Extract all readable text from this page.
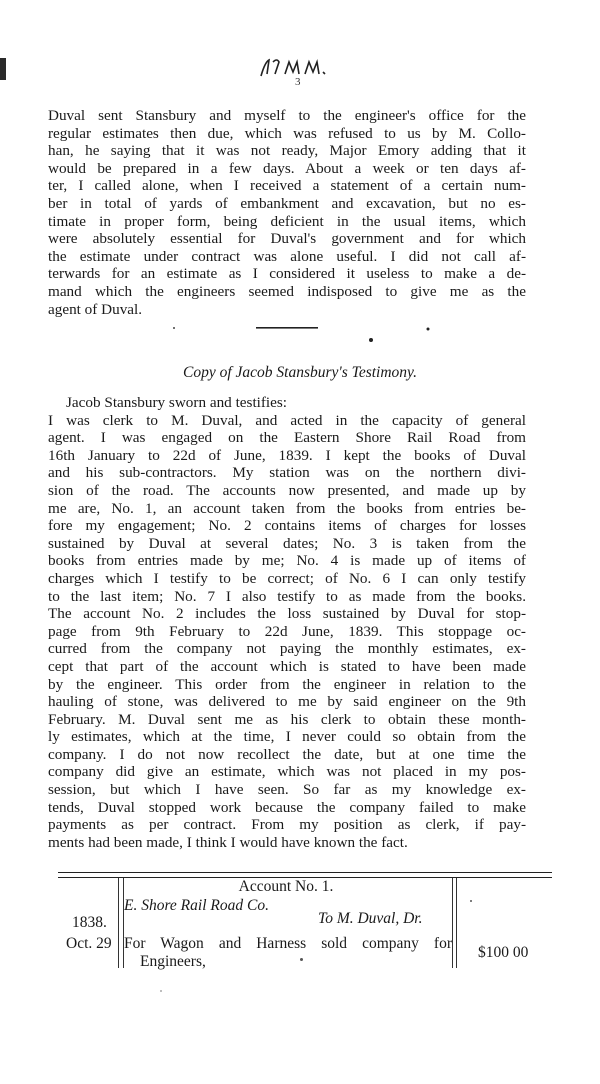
3
Duval sent Stansbury and myself to the engineer's office for the
regular estimates then due, which was refused to us by M. Collo-
han, he saying that it was not ready, Major Emory adding that it
would be prepared in a few days. About a week or ten days af-
ter, I called alone, when I received a statement of a certain num-
ber in total of yards of embankment and excavation, but no es-
timate in proper form, being deficient in the usual items, which
were absolutely essential for Duval's government and for which
the estimate under contract was alone useful. I did not call af-
terwards for an estimate as I considered it useless to make a de-
mand which the engineers seemed indisposed to give me as the
agent of Duval.
Copy of Jacob Stansbury's Testimony.
Jacob Stansbury sworn and testifies:
I was clerk to M. Duval, and acted in the capacity of general
agent. I was engaged on the Eastern Shore Rail Road from
16th January to 22d of June, 1839. I kept the books of Duval
and his sub-contractors. My station was on the northern divi-
sion of the road. The accounts now presented, and made up by
me are, No. 1, an account taken from the books from entries be-
fore my engagement; No. 2 contains items of charges for losses
sustained by Duval at several dates; No. 3 is taken from the
books from entries made by me; No. 4 is made up of items of
charges which I testify to be correct; of No. 6 I can only testify
to the last item; No. 7 I also testify to as made from the books.
The account No. 2 includes the loss sustained by Duval for stop-
page from 9th February to 22d June, 1839. This stoppage oc-
curred from the company not paying the monthly estimates, ex-
cept that part of the account which is stated to have been made
by the engineer. This order from the engineer in relation to the
hauling of stone, was delivered to me by said engineer on the 9th
February. M. Duval sent me as his clerk to obtain these month-
ly estimates, which at the time, I never could so obtain from the
company. I do not now recollect the date, but at one time the
company did give an estimate, which was not placed in my pos-
session, but which I have seen. So far as my knowledge ex-
tends, Duval stopped work because the company failed to make
payments as per contract. From my position as clerk, if pay-
ments had been made, I think I would have known the fact.
Account No. 1.
E. Shore Rail Road Co.
To M. Duval, Dr.
1838.
Oct. 29 For Wagon and Harness sold company for
Engineers,
$100 00
